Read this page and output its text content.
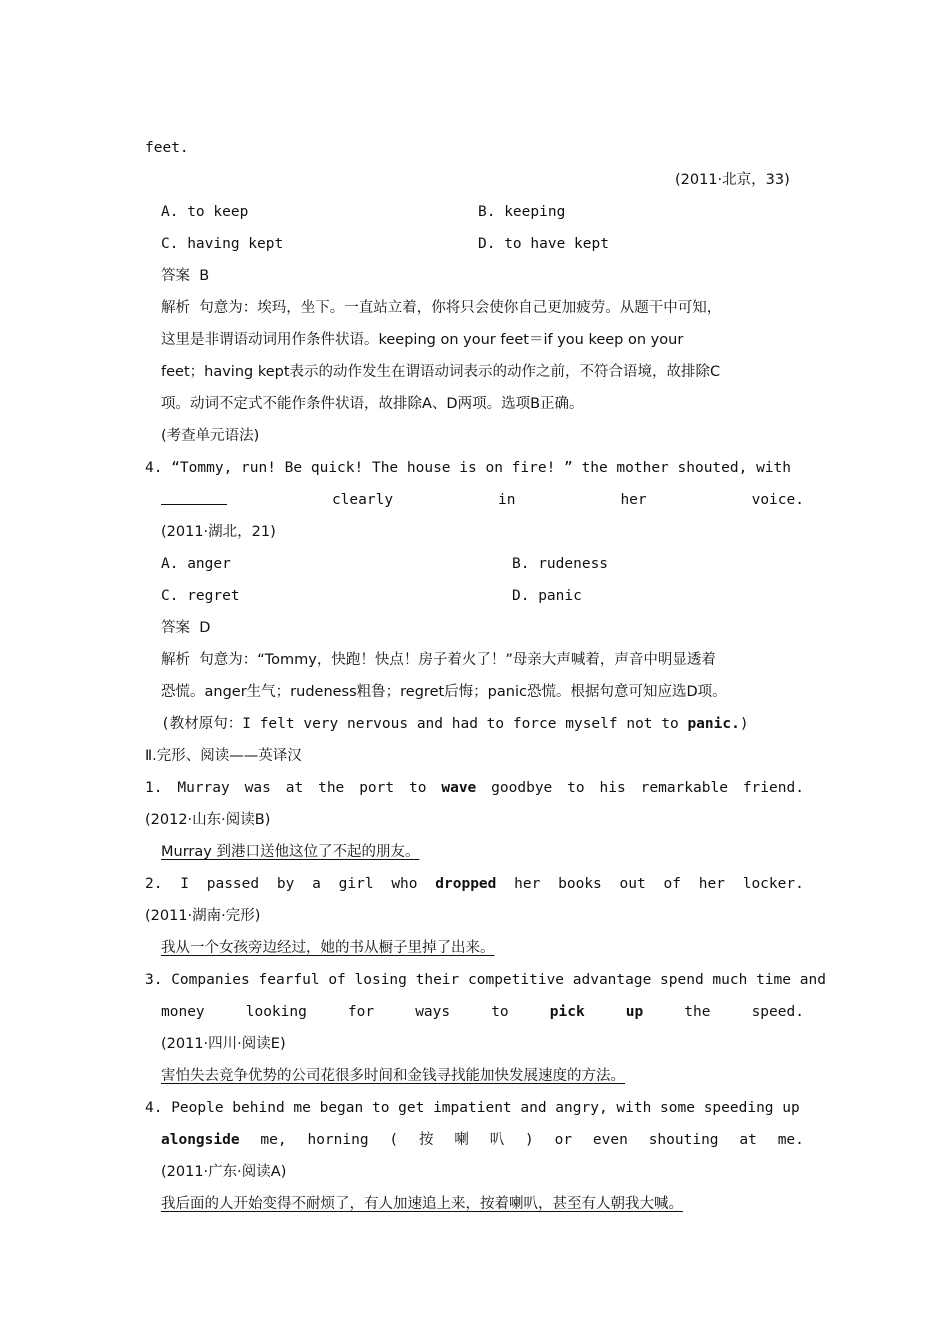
feet.
(2011·北京，33)
A. to keep	B. keeping
C. having kept	D. to have kept
答案  B
解析  句意为：埃玛，坐下。一直站立着，你将只会使你自己更加疲劳。从题干中可知，
这里是非谓语动词用作条件状语。keeping on your feet＝if you keep on your
feet；having kept表示的动作发生在谓语动词表示的动作之前，不符合语境，故排除C
项。动词不定式不能作条件状语，故排除A、D两项。选项B正确。
(考查单元语法)
4. “Tommy, run! Be quick! The house is on fire! ” the mother shouted, with
clearly	in	her	voice.
(2011·湖北，21)
A. anger	B. rudeness
C. regret	D. panic
答案  D
解析  句意为：“Tommy，快跑！快点！房子着火了！”母亲大声喊着，声音中明显透着
恐慌。anger生气；rudeness粗鲁；regret后悔；panic恐慌。根据句意可知应选D项。
(教材原句：I felt very nervous and had to force myself not to panic.)
Ⅱ.完形、阅读——英译汉
1. Murray was at the port to wave goodbye to his remarkable friend.
(2012·山东·阅读B)
Murray 到港口送他这位了不起的朋友。
2. I passed by a girl who dropped her books out of her locker.
(2011·湖南·完形)
我从一个女孩旁边经过，她的书从橱子里掉了出来。
3. Companies fearful of losing their competitive advantage spend much time and
money	looking	for	ways	to	pick	up	the	speed.
(2011·四川·阅读E)
害怕失去竞争优势的公司花很多时间和金钱寻找能加快发展速度的方法。
4. People behind me began to get impatient and angry, with some speeding up
alongside me, horning ( 按 喇 叭 ) or even shouting at me.
(2011·广东·阅读A)
我后面的人开始变得不耐烦了，有人加速追上来，按着喇叭，甚至有人朝我大喊。
